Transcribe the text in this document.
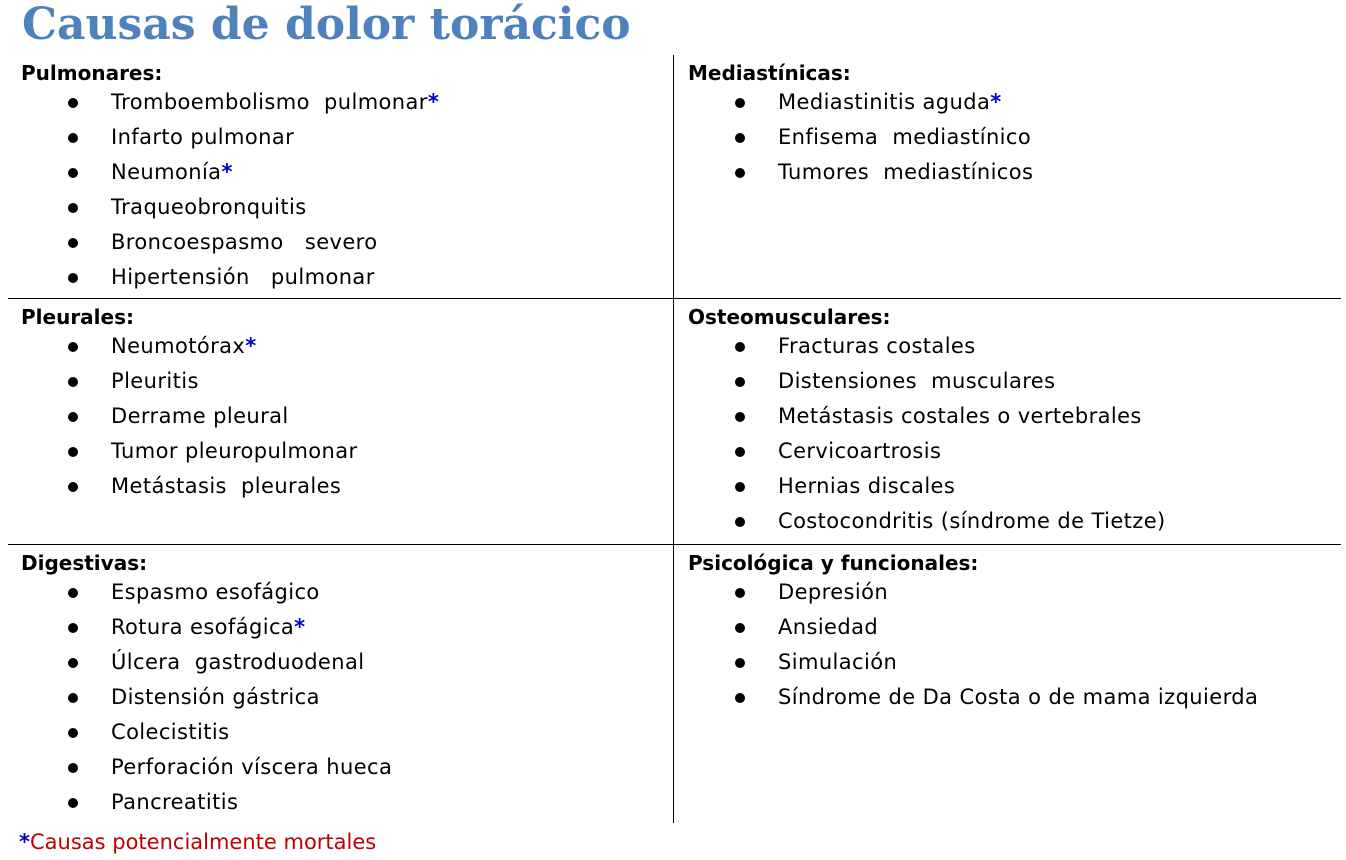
Causas de dolor torácico
Pulmonares:
Tromboembolismo  pulmonar*
Infarto pulmonar
Neumonía*
Traqueobronquitis
Broncoespasmo   severo
Hipertensión   pulmonar
Mediastínicas:
Mediastinitis aguda*
Enfisema  mediastínico
Tumores  mediastínicos
Pleurales:
Neumotórax*
Pleuritis
Derrame pleural
Tumor pleuropulmonar
Metástasis  pleurales
Osteomusculares:
Fracturas costales
Distensiones  musculares
Metástasis costales o vertebrales
Cervicoartrosis
Hernias discales
Costocondritis (síndrome de Tietze)
Digestivas:
Espasmo esofágico
Rotura esofágica*
Úlcera  gastroduodenal
Distensión gástrica
Colecistitis
Perforación víscera hueca
Pancreatitis
Psicológica y funcionales:
Depresión
Ansiedad
Simulación
Síndrome de Da Costa o de mama izquierda
*Causas potencialmente mortales
